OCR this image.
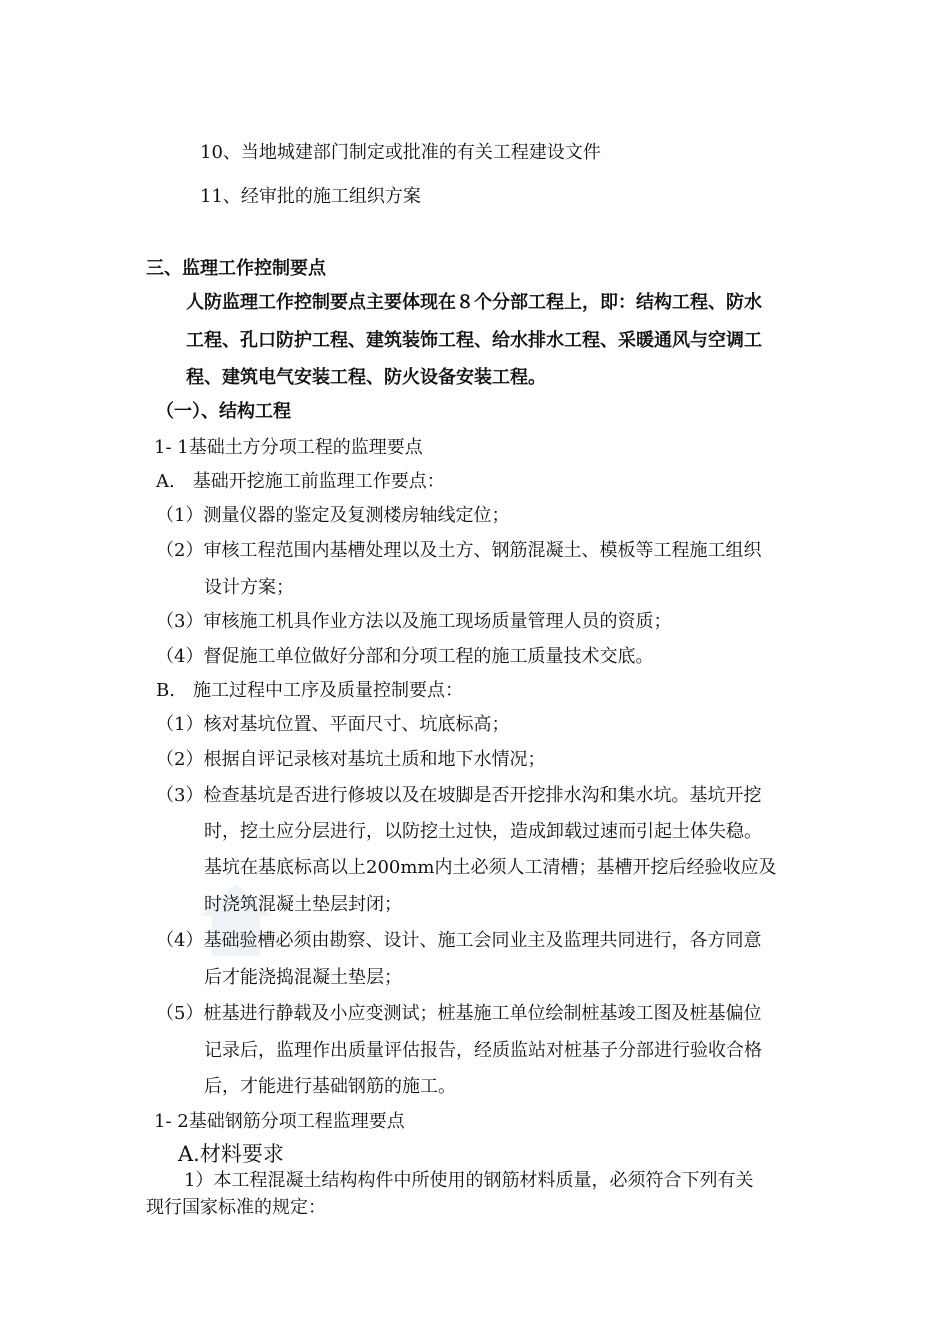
10、当地城建部门制定或批准的有关工程建设文件
11、经审批的施工组织方案
三、监理工作控制要点
人防监理工作控制要点主要体现在８个分部工程上，即：结构工程、防水
工程、孔口防护工程、建筑装饰工程、给水排水工程、采暖通风与空调工
程、建筑电气安装工程、防火设备安装工程。
（一）、结构工程
1- 1基础土方分项工程的监理要点
A.　基础开挖施工前监理工作要点：
（1）测量仪器的鉴定及复测楼房轴线定位；
（2）审核工程范围内基槽处理以及土方、钢筋混凝土、模板等工程施工组织
设计方案；
（3）审核施工机具作业方法以及施工现场质量管理人员的资质；
（4）督促施工单位做好分部和分项工程的施工质量技术交底。
B.　施工过程中工序及质量控制要点：
（1）核对基坑位置、平面尺寸、坑底标高；
（2）根据自评记录核对基坑土质和地下水情况；
（3）检查基坑是否进行修坡以及在坡脚是否开挖排水沟和集水坑。基坑开挖
时，挖土应分层进行，以防挖土过快，造成卸载过速而引起土体失稳。
基坑在基底标高以上200mm内土必须人工清槽；基槽开挖后经验收应及
时浇筑混凝土垫层封闭；
（4）基础验槽必须由勘察、设计、施工会同业主及监理共同进行，各方同意
后才能浇捣混凝土垫层；
（5）桩基进行静载及小应变测试；桩基施工单位绘制桩基竣工图及桩基偏位
记录后，监理作出质量评估报告，经质监站对桩基子分部进行验收合格
后，才能进行基础钢筋的施工。
1- 2基础钢筋分项工程监理要点
A.材料要求
1）本工程混凝土结构构件中所使用的钢筋材料质量，必须符合下列有关
现行国家标准的规定：
